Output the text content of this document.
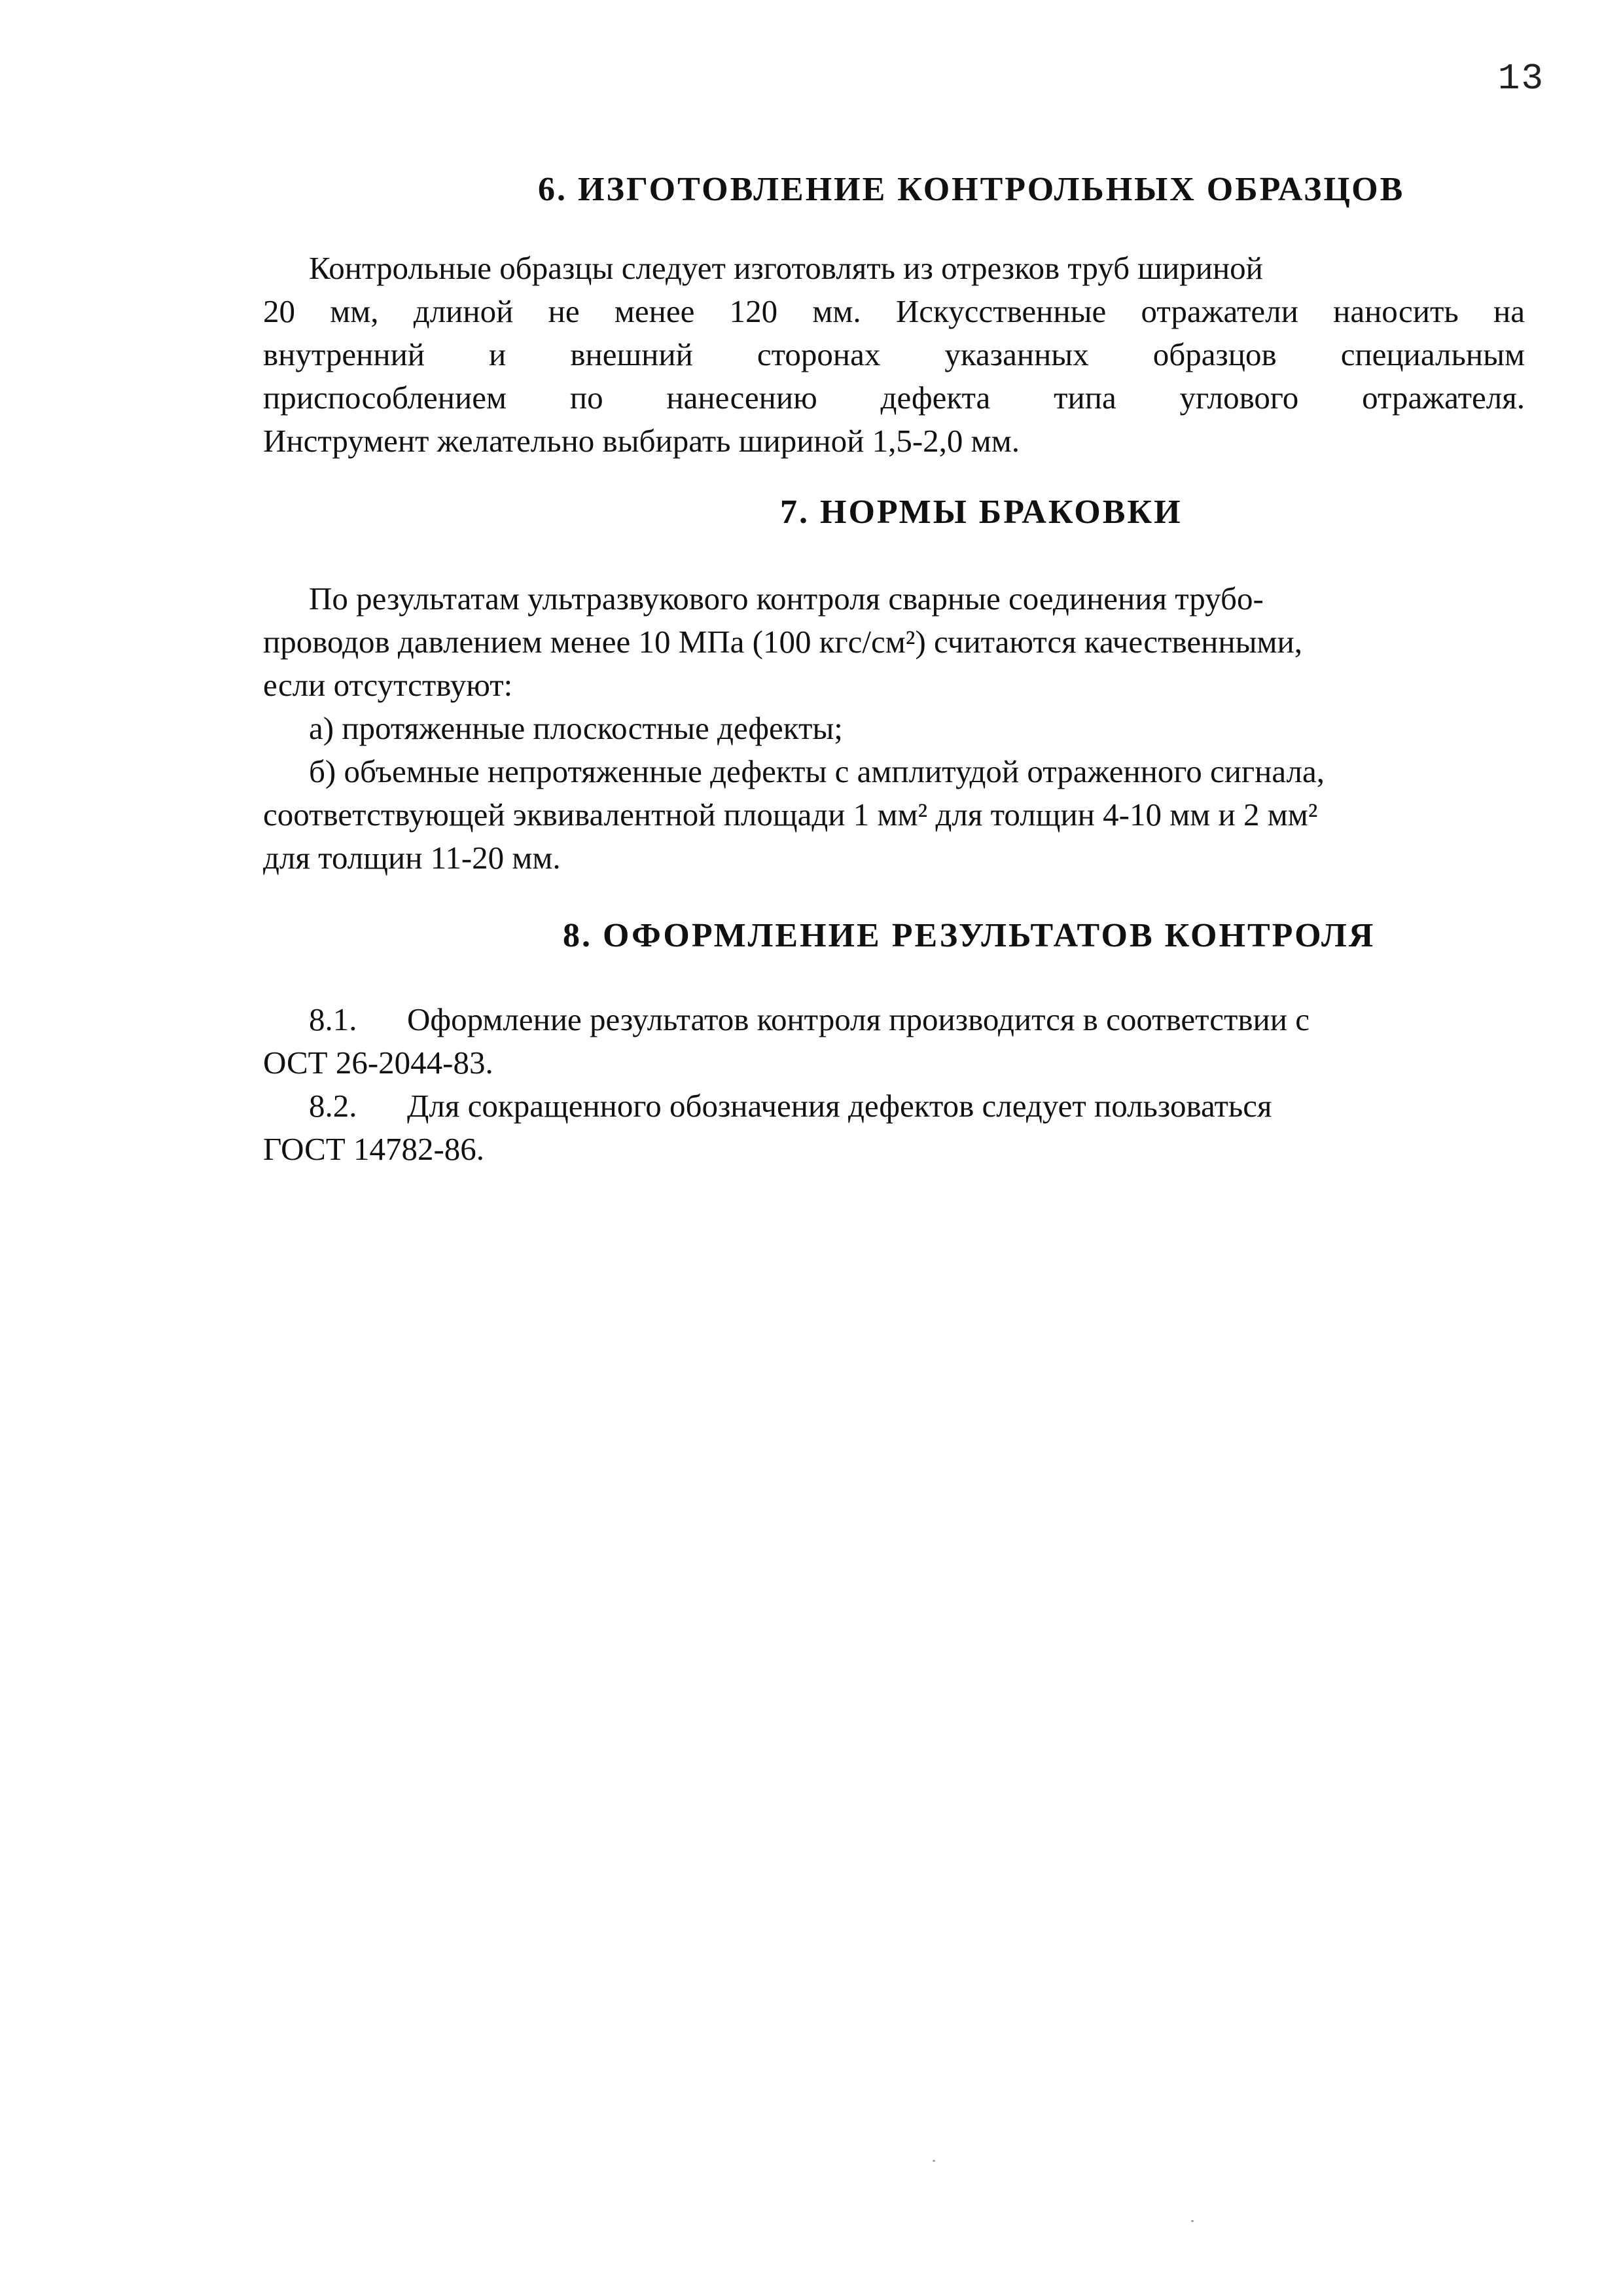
13
6. ИЗГОТОВЛЕНИЕ КОНТРОЛЬНЫХ ОБРАЗЦОВ

Контрольные образцы следует изготовлять из отрезков труб шириной
20 мм, длиной не менее 120 мм. Искусственные отражатели наносить на
внутренний и внешний сторонах указанных образцов специальным
приспособлением по нанесению дефекта типа углового отражателя.
Инструмент желательно выбирать шириной 1,5-2,0 мм.

7. НОРМЫ БРАКОВКИ

По результатам ультразвукового контроля сварные соединения трубо-
проводов давлением менее 10 МПа (100 кгс/см²) считаются качественными,
если отсутствуют:
а) протяженные плоскостные дефекты;
б) объемные непротяженные дефекты с амплитудой отраженного сигнала,
соответствующей эквивалентной площади 1 мм² для толщин 4-10 мм и 2 мм²
для толщин 11-20 мм.

8. ОФОРМЛЕНИЕ РЕЗУЛЬТАТОВ КОНТРОЛЯ

8.1. Оформление результатов контроля производится в соответствии с
ОСТ 26-2044-83.
8.2. Для сокращенного обозначения дефектов следует пользоваться
ГОСТ 14782-86.
